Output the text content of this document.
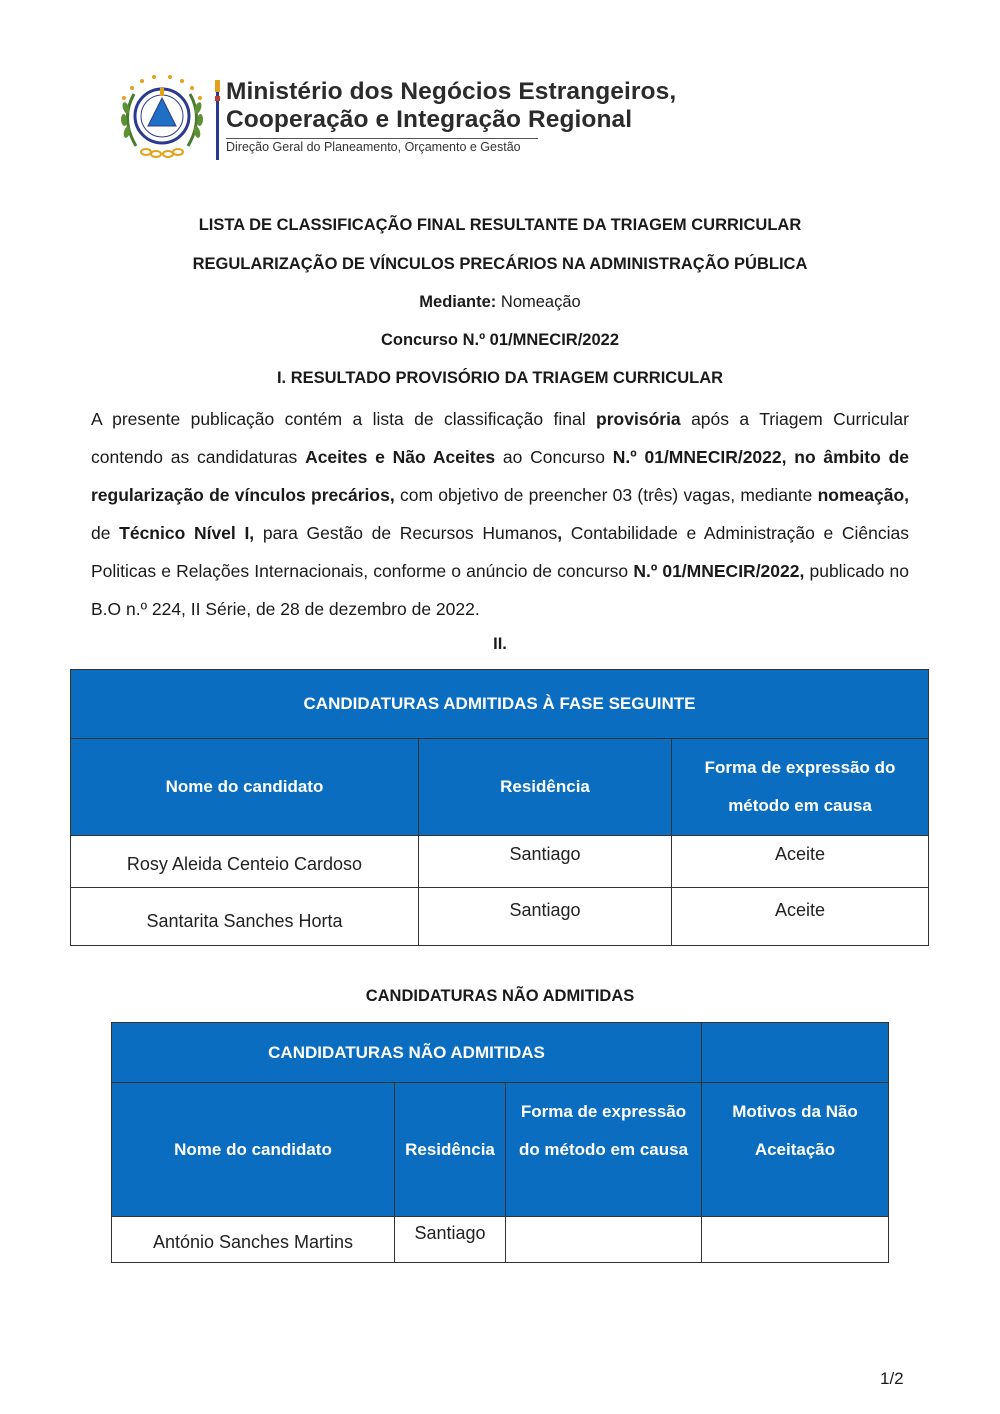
Ministério dos Negócios Estrangeiros,
Cooperação e Integração Regional
Direção Geral do Planeamento, Orçamento e Gestão
LISTA DE CLASSIFICAÇÃO FINAL RESULTANTE DA TRIAGEM CURRICULAR
REGULARIZAÇÃO DE VÍNCULOS PRECÁRIOS NA ADMINISTRAÇÃO PÚBLICA
Mediante: Nomeação
Concurso N.º 01/MNECIR/2022
I. RESULTADO PROVISÓRIO DA TRIAGEM CURRICULAR
A presente publicação contém a lista de classificação final provisória após a Triagem Curricular contendo as candidaturas Aceites e Não Aceites ao Concurso N.º 01/MNECIR/2022, no âmbito de regularização de vínculos precários, com objetivo de preencher 03 (três) vagas, mediante nomeação, de Técnico Nível I, para Gestão de Recursos Humanos, Contabilidade e Administração e Ciências Politicas e Relações Internacionais, conforme o anúncio de concurso N.º 01/MNECIR/2022, publicado no B.O n.º 224, II Série, de 28 de dezembro de 2022.
II.
CANDIDATURAS ADMITIDAS À FASE SEGUINTE		
Nome do candidato	Residência	Forma de expressão do método em causa
Rosy Aleida Centeio Cardoso	Santiago	Aceite
Santarita Sanches Horta	Santiago	Aceite
CANDIDATURAS NÃO ADMITIDAS
CANDIDATURAS NÃO ADMITIDAS			
Nome do candidato	Residência	Forma de expressão do método em causa	Motivos da Não Aceitação
António Sanches Martins	Santiago		
1/2
